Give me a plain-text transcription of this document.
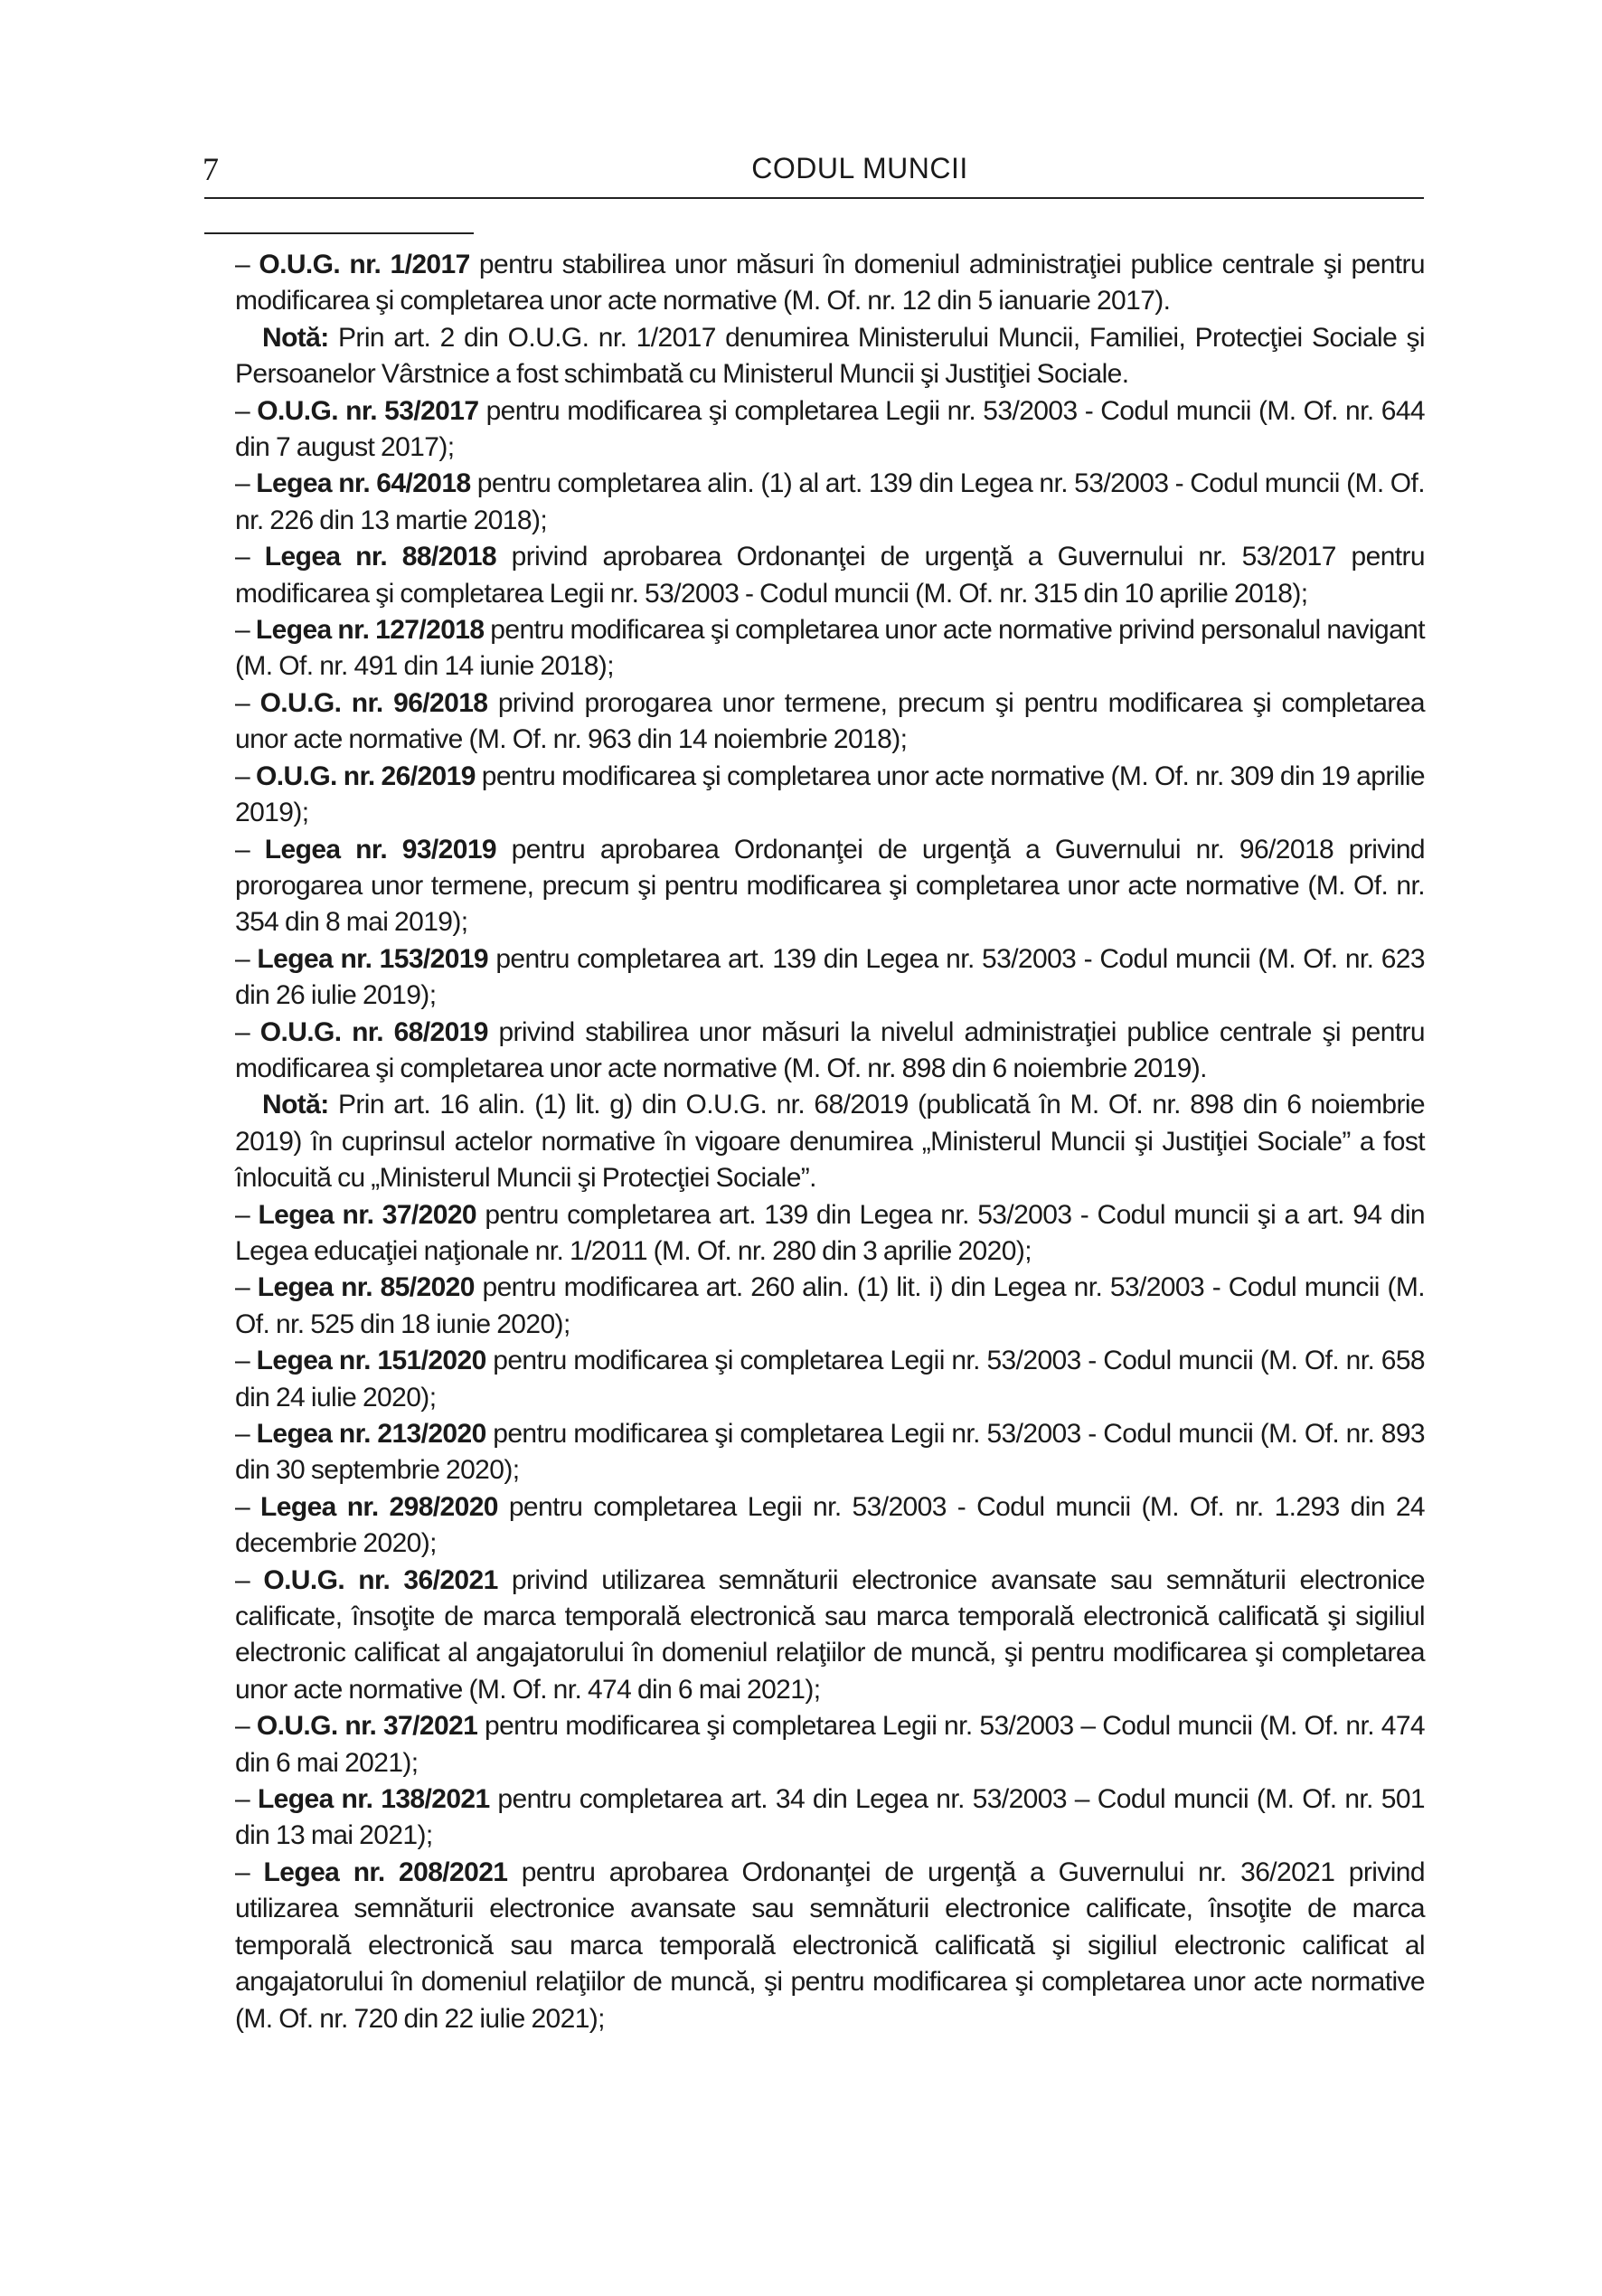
7	CODUL MUNCII

– O.U.G. nr. 1/2017 pentru stabilirea unor măsuri în domeniul administraţiei publice centrale şi pentru modificarea şi completarea unor acte normative (M. Of. nr. 12 din 5 ianuarie 2017).

Notă: Prin art. 2 din O.U.G. nr. 1/2017 denumirea Ministerului Muncii, Familiei, Protecţiei Sociale şi Persoanelor Vârstnice a fost schimbată cu Ministerul Muncii şi Justiţiei Sociale.

– O.U.G. nr. 53/2017 pentru modificarea şi completarea Legii nr. 53/2003 - Codul muncii (M. Of. nr. 644 din 7 august 2017);

– Legea nr. 64/2018 pentru completarea alin. (1) al art. 139 din Legea nr. 53/2003 - Codul muncii (M. Of. nr. 226 din 13 martie 2018);

– Legea nr. 88/2018 privind aprobarea Ordonanţei de urgenţă a Guvernului nr. 53/2017 pentru modificarea şi completarea Legii nr. 53/2003 - Codul muncii (M. Of. nr. 315 din 10 aprilie 2018);

– Legea nr. 127/2018 pentru modificarea şi completarea unor acte normative privind personalul navigant (M. Of. nr. 491 din 14 iunie 2018);

– O.U.G. nr. 96/2018 privind prorogarea unor termene, precum şi pentru modificarea şi completarea unor acte normative (M. Of. nr. 963 din 14 noiembrie 2018);

– O.U.G. nr. 26/2019 pentru modificarea şi completarea unor acte normative (M. Of. nr. 309 din 19 aprilie 2019);

– Legea nr. 93/2019 pentru aprobarea Ordonanţei de urgenţă a Guvernului nr. 96/2018 privind prorogarea unor termene, precum şi pentru modificarea şi completarea unor acte normative (M. Of. nr. 354 din 8 mai 2019);

– Legea nr. 153/2019 pentru completarea art. 139 din Legea nr. 53/2003 - Codul muncii (M. Of. nr. 623 din 26 iulie 2019);

– O.U.G. nr. 68/2019 privind stabilirea unor măsuri la nivelul administraţiei publice centrale şi pentru modificarea şi completarea unor acte normative (M. Of. nr. 898 din 6 noiembrie 2019).

Notă: Prin art. 16 alin. (1) lit. g) din O.U.G. nr. 68/2019 (publicată în M. Of. nr. 898 din 6 noiembrie 2019) în cuprinsul actelor normative în vigoare denumirea „Ministerul Muncii şi Justiţiei Sociale” a fost înlocuită cu „Ministerul Muncii şi Protecţiei Sociale”.

– Legea nr. 37/2020 pentru completarea art. 139 din Legea nr. 53/2003 - Codul muncii şi a art. 94 din Legea educaţiei naţionale nr. 1/2011 (M. Of. nr. 280 din 3 aprilie 2020);

– Legea nr. 85/2020 pentru modificarea art. 260 alin. (1) lit. i) din Legea nr. 53/2003 - Codul muncii (M. Of. nr. 525 din 18 iunie 2020);

– Legea nr. 151/2020 pentru modificarea şi completarea Legii nr. 53/2003 - Codul muncii (M. Of. nr. 658 din 24 iulie 2020);

– Legea nr. 213/2020 pentru modificarea şi completarea Legii nr. 53/2003 - Codul muncii (M. Of. nr. 893 din 30 septembrie 2020);

– Legea nr. 298/2020 pentru completarea Legii nr. 53/2003 - Codul muncii (M. Of. nr. 1.293 din 24 decembrie 2020);

– O.U.G. nr. 36/2021 privind utilizarea semnăturii electronice avansate sau semnăturii electronice calificate, însoţite de marca temporală electronică sau marca temporală electronică calificată şi sigiliul electronic calificat al angajatorului în domeniul relaţiilor de muncă, şi pentru modificarea şi completarea unor acte normative (M. Of. nr. 474 din 6 mai 2021);

– O.U.G. nr. 37/2021 pentru modificarea şi completarea Legii nr. 53/2003 – Codul muncii (M. Of. nr. 474 din 6 mai 2021);

– Legea nr. 138/2021 pentru completarea art. 34 din Legea nr. 53/2003 – Codul muncii (M. Of. nr. 501 din 13 mai 2021);

– Legea nr. 208/2021 pentru aprobarea Ordonanţei de urgenţă a Guvernului nr. 36/2021 privind utilizarea semnăturii electronice avansate sau semnăturii electronice calificate, însoţite de marca temporală electronică sau marca temporală electronică calificată şi sigiliul electronic calificat al angajatorului în domeniul relaţiilor de muncă, şi pentru modificarea şi completarea unor acte normative (M. Of. nr. 720 din 22 iulie 2021);
